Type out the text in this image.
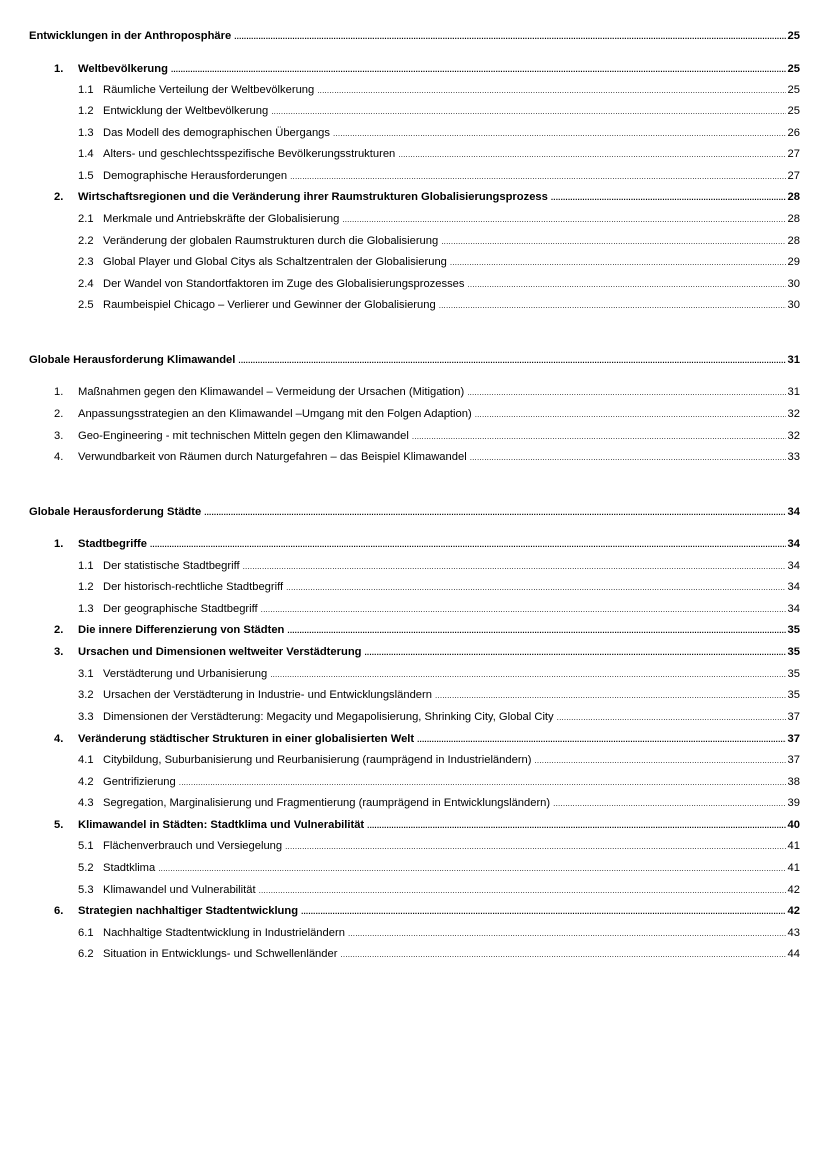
Entwicklungen in der Anthroposphäre .....	25
1.	Weltbevölkerung .....	25
1.1 Räumliche Verteilung der Weltbevölkerung .....	25
1.2 Entwicklung der Weltbevölkerung .....	25
1.3 Das Modell des demographischen Übergangs .....	26
1.4 Alters- und geschlechtsspezifische Bevölkerungsstrukturen .....	27
1.5 Demographische Herausforderungen .....	27
2.	Wirtschaftsregionen und die Veränderung ihrer Raumstrukturen Globalisierungsprozess .....	28
2.1 Merkmale und Antriebskräfte der Globalisierung .....	28
2.2 Veränderung der globalen Raumstrukturen durch die Globalisierung .....	28
2.3 Global Player und Global Citys als Schaltzentralen der Globalisierung .....	29
2.4 Der Wandel von Standortfaktoren im Zuge des Globalisierungsprozesses .....	30
2.5 Raumbeispiel Chicago – Verlierer und Gewinner der Globalisierung .....	30
Globale Herausforderung Klimawandel .....	31
1.	Maßnahmen gegen den Klimawandel – Vermeidung der Ursachen (Mitigation) .....	31
2.	Anpassungsstrategien an den Klimawandel –Umgang mit den Folgen Adaption) .....	32
3.	Geo-Engineering - mit technischen Mitteln gegen den Klimawandel .....	32
4.	Verwundbarkeit von Räumen durch Naturgefahren – das Beispiel Klimawandel .....	33
Globale Herausforderung Städte .....	34
1.	Stadtbegriffe .....	34
1.1 Der statistische Stadtbegriff .....	34
1.2 Der historisch-rechtliche Stadtbegriff .....	34
1.3 Der geographische Stadtbegriff .....	34
2.	Die innere Differenzierung von Städten .....	35
3.	Ursachen und Dimensionen weltweiter Verstädterung .....	35
3.1 Verstädterung und Urbanisierung .....	35
3.2 Ursachen der Verstädterung in Industrie- und Entwicklungsländern .....	35
3.3 Dimensionen der Verstädterung: Megacity und Megapolisierung, Shrinking City, Global City .....	37
4.	Veränderung städtischer Strukturen in einer globalisierten Welt .....	37
4.1 Citybildung, Suburbanisierung und Reurbanisierung (raumprägend in Industrieländern) .....	37
4.2 Gentrifizierung .....	38
4.3 Segregation, Marginalisierung und Fragmentierung (raumprägend in Entwicklungsländern) .....	39
5.	Klimawandel in Städten: Stadtklima und Vulnerabilität .....	40
5.1 Flächenverbrauch und Versiegelung .....	41
5.2 Stadtklima .....	41
5.3 Klimawandel und Vulnerabilität .....	42
6.	Strategien nachhaltiger Stadtentwicklung .....	42
6.1 Nachhaltige Stadtentwicklung in Industrieländern .....	43
6.2 Situation in Entwicklungs- und Schwellenländer .....	44
